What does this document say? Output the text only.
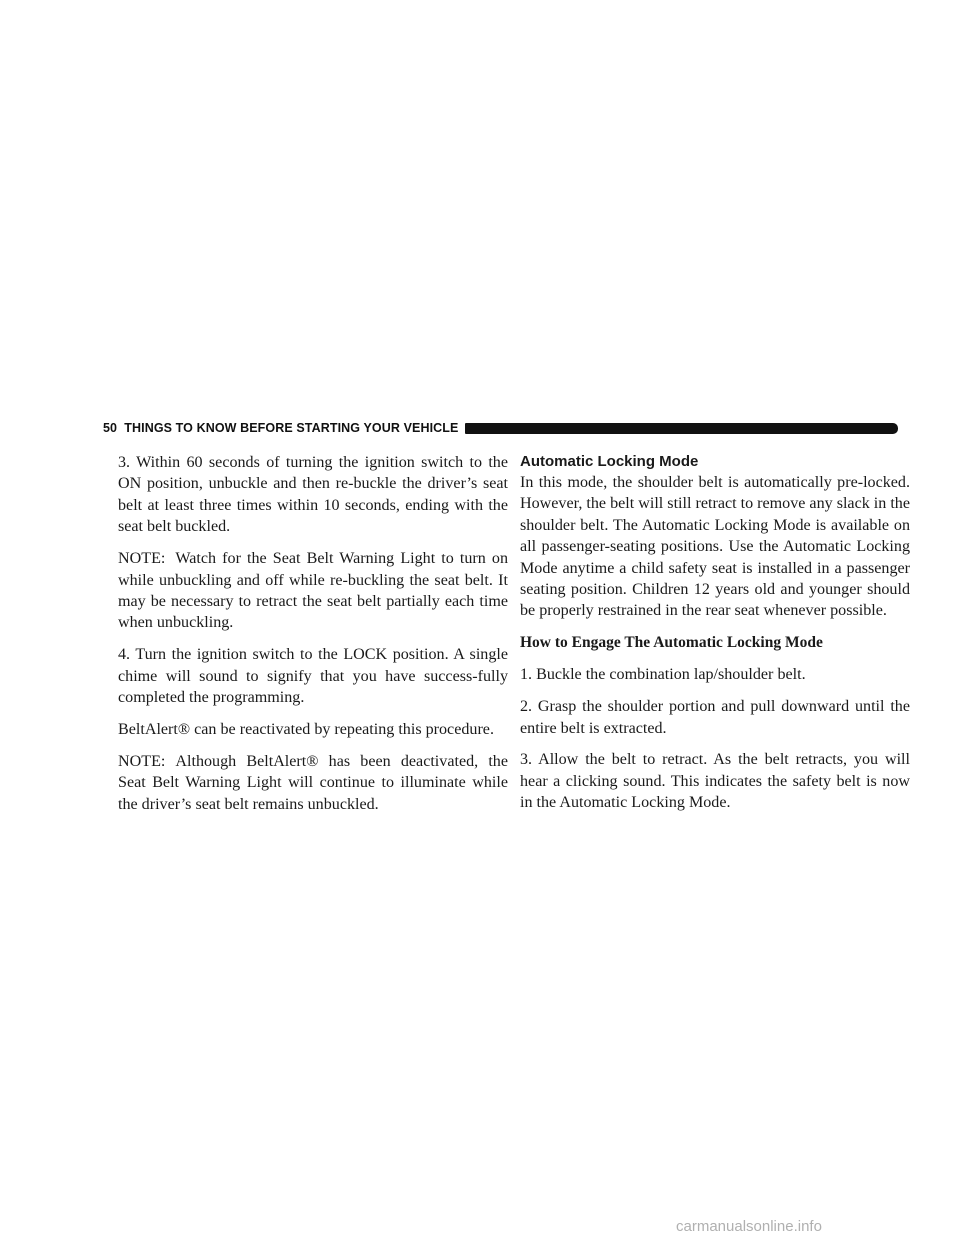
50 THINGS TO KNOW BEFORE STARTING YOUR VEHICLE

3. Within 60 seconds of turning the ignition switch to the ON position, unbuckle and then re-buckle the driver’s seat belt at least three times within 10 seconds, ending with the seat belt buckled.

NOTE: Watch for the Seat Belt Warning Light to turn on while unbuckling and off while re-buckling the seat belt. It may be necessary to retract the seat belt partially each time when unbuckling.

4. Turn the ignition switch to the LOCK position. A single chime will sound to signify that you have success-fully completed the programming.

BeltAlert® can be reactivated by repeating this procedure.

NOTE: Although BeltAlert® has been deactivated, the Seat Belt Warning Light will continue to illuminate while the driver’s seat belt remains unbuckled.

Automatic Locking Mode

In this mode, the shoulder belt is automatically pre-locked. However, the belt will still retract to remove any slack in the shoulder belt. The Automatic Locking Mode is available on all passenger-seating positions. Use the Automatic Locking Mode anytime a child safety seat is installed in a passenger seating position. Children 12 years old and younger should be properly restrained in the rear seat whenever possible.

How to Engage The Automatic Locking Mode

1. Buckle the combination lap/shoulder belt.

2. Grasp the shoulder portion and pull downward until the entire belt is extracted.

3. Allow the belt to retract. As the belt retracts, you will hear a clicking sound. This indicates the safety belt is now in the Automatic Locking Mode.

carmanualsonline.info
